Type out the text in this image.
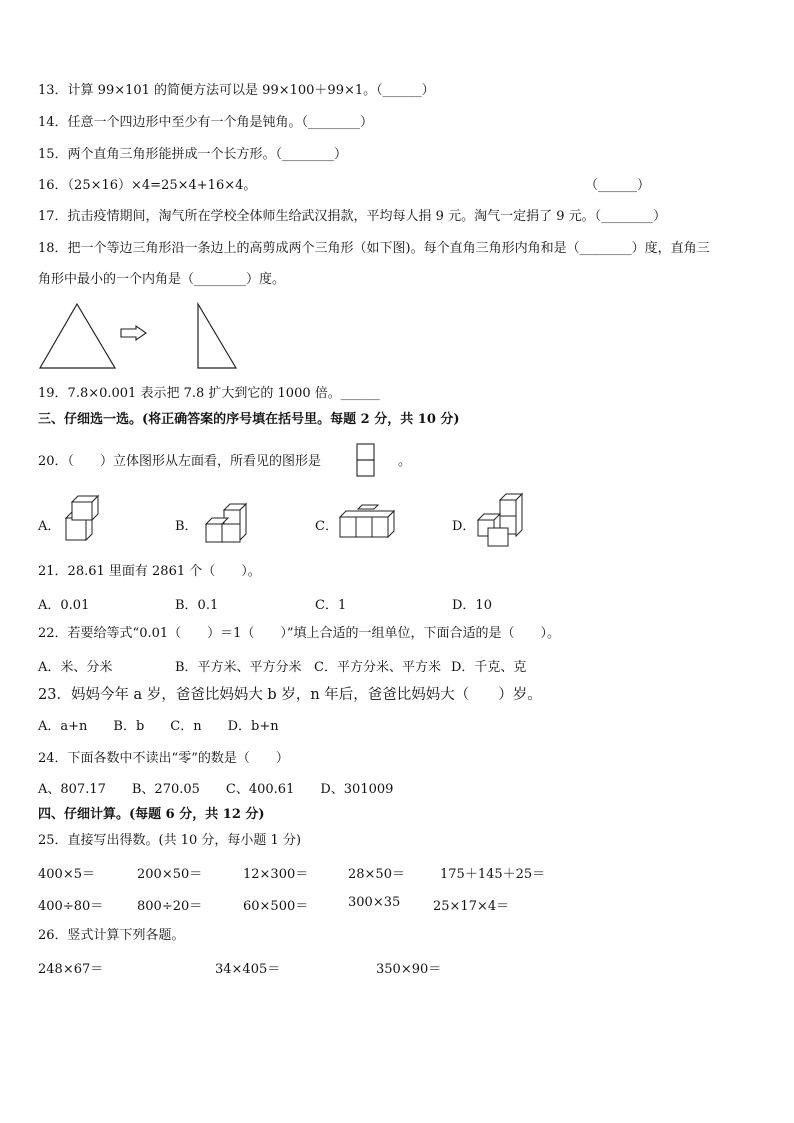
13．计算 99×101 的简便方法可以是 99×100＋99×1。（______）
14．任意一个四边形中至少有一个角是钝角。（________）
15．两个直角三角形能拼成一个长方形。（________）
16．（25×16）×4=25×4+16×4。	（______）
17．抗击疫情期间，淘气所在学校全体师生给武汉捐款，平均每人捐 9 元。淘气一定捐了 9 元。（________）
18．把一个等边三角形沿一条边上的高剪成两个三角形（如下图)。每个直角三角形内角和是（________）度，直角三
角形中最小的一个内角是（________）度。
19．7.8×0.001 表示把 7.8 扩大到它的 1000 倍。______
三、仔细选一选。(将正确答案的序号填在括号里。每题 2 分，共 10 分)
20．（　　）立体图形从左面看，所看见的图形是	。
A．	B．	C．	D．
21．28.61 里面有 2861 个（　　）。
A．0.01	B．0.1	C．1	D．10
22．若要给等式“0.01（　　）＝1（　　）”填上合适的一组单位，下面合适的是（　　）。
A．米、分米	B．平方米、平方分米 C．平方分米、平方米 D．千克、克
23．妈妈今年 a 岁，爸爸比妈妈大 b 岁，n 年后，爸爸比妈妈大（　　）岁。
A．a+n　　B．b　　C．n　　D．b+n
24．下面各数中不读出“零”的数是（　　）
A、807.17　　B、270.05　　C、400.61　　D、301009
四、仔细计算。(每题 6 分，共 12 分)
25．直接写出得数。(共 10 分，每小题 1 分)
400×5＝	200×50＝	12×300＝	28×50＝	175＋145＋25＝
400÷80＝	800÷20＝	60×500＝	300×35	25×17×4＝
26．竖式计算下列各题。
248×67＝	34×405＝	350×90＝
